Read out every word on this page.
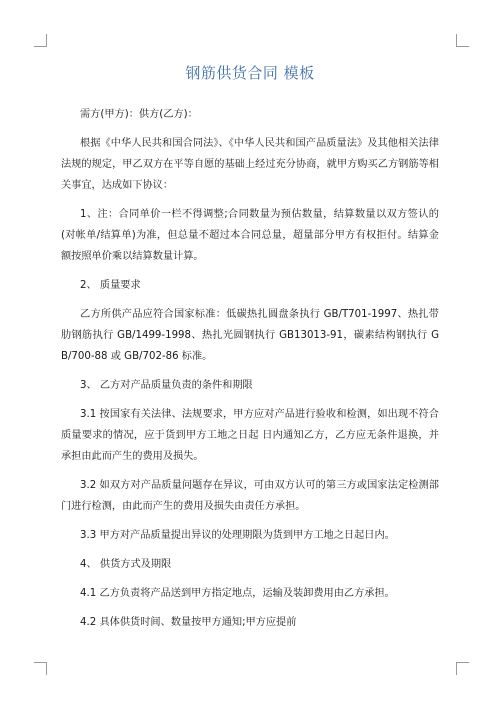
钢筋供货合同 模板

需方(甲方)：供方(乙方)：

根据《中华人民共和国合同法》、《中华人民共和国产品质量法》及其他相关法律法规的规定，甲乙双方在平等自愿的基础上经过充分协商，就甲方购买乙方钢筋等相关事宜，达成如下协议：

1、注：合同单价一栏不得调整;合同数量为预估数量，结算数量以双方签认的(对帐单/结算单)为准，但总量不超过本合同总量，超量部分甲方有权拒付。结算金额按照单价乘以结算数量计算。

2、 质量要求

乙方所供产品应符合国家标准：低碳热扎圆盘条执行 GB/T701-1997、热扎带肋钢筋执行 GB/1499-1998、热扎光圆钢执行 GB13013-91，碳素结构钢执行 GB/700-88 或 GB/702-86 标准。

3、 乙方对产品质量负责的条件和期限

3.1 按国家有关法律、法规要求，甲方应对产品进行验收和检测，如出现不符合质量要求的情况，应于货到甲方工地之日起 日内通知乙方，乙方应无条件退换，并承担由此而产生的费用及损失。

3.2 如双方对产品质量问题存在异议，可由双方认可的第三方或国家法定检测部门进行检测，由此而产生的费用及损失由责任方承担。

3.3 甲方对产品质量提出异议的处理期限为货到甲方工地之日起日内。

4、 供货方式及期限

4.1 乙方负责将产品送到甲方指定地点，运输及装卸费用由乙方承担。

4.2 具体供货时间、数量按甲方通知;甲方应提前
